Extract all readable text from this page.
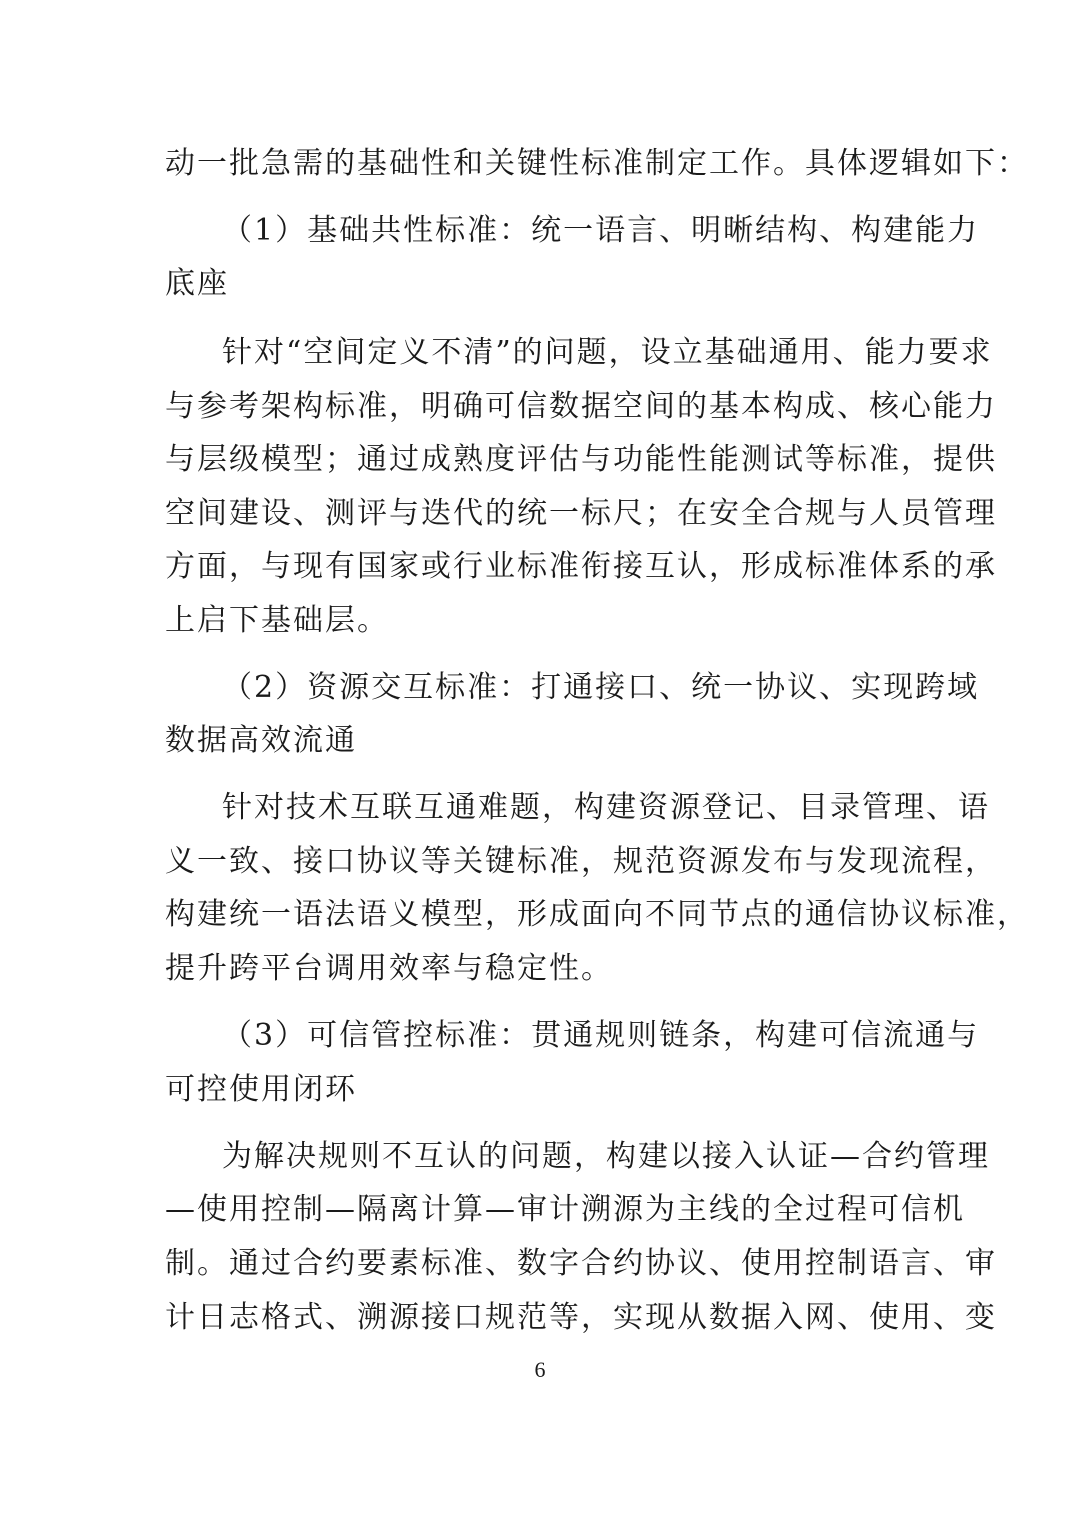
动一批急需的基础性和关键性标准制定工作。具体逻辑如下：

（1）基础共性标准：统一语言、明晰结构、构建能力

底座

针对“空间定义不清”的问题，设立基础通用、能力要求

与参考架构标准，明确可信数据空间的基本构成、核心能力

与层级模型；通过成熟度评估与功能性能测试等标准，提供

空间建设、测评与迭代的统一标尺；在安全合规与人员管理

方面，与现有国家或行业标准衔接互认，形成标准体系的承

上启下基础层。

（2）资源交互标准：打通接口、统一协议、实现跨域

数据高效流通

针对技术互联互通难题，构建资源登记、目录管理、语

义一致、接口协议等关键标准，规范资源发布与发现流程，

构建统一语法语义模型，形成面向不同节点的通信协议标准，

提升跨平台调用效率与稳定性。

（3）可信管控标准：贯通规则链条，构建可信流通与

可控使用闭环

为解决规则不互认的问题，构建以接入认证—合约管理

—使用控制—隔离计算—审计溯源为主线的全过程可信机

制。通过合约要素标准、数字合约协议、使用控制语言、审

计日志格式、溯源接口规范等，实现从数据入网、使用、变

6
